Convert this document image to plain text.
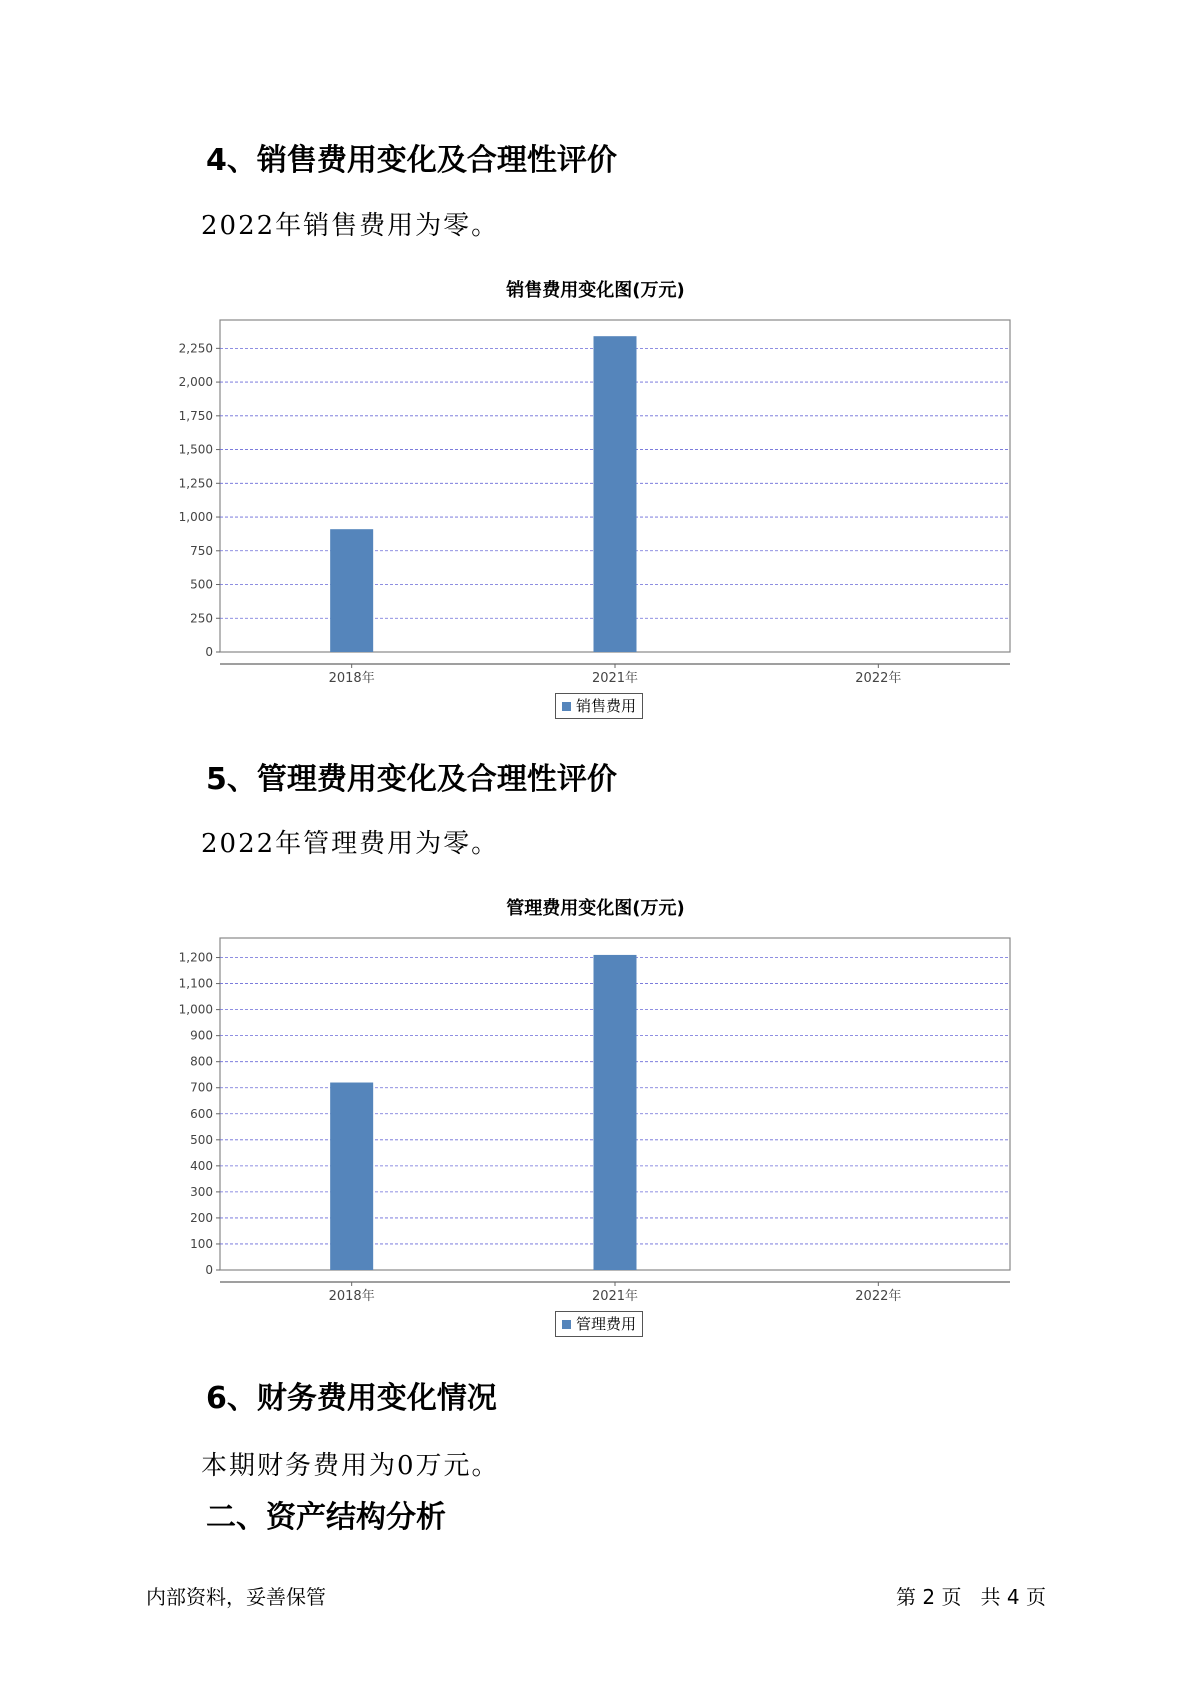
4、销售费用变化及合理性评价

2022年销售费用为零。

销售费用变化图(万元)
0
250
500
750
1,000
1,250
1,500
1,750
2,000
2,250
2018年	2021年	2022年
销售费用
5、管理费用变化及合理性评价

2022年管理费用为零。

管理费用变化图(万元)
0
100
200
300
400
500
600
700
800
900
1,000
1,100
1,200
2018年	2021年	2022年
管理费用
6、财务费用变化情况

本期财务费用为0万元。

二、资产结构分析
内部资料，妥善保管	第 2 页   共 4 页
